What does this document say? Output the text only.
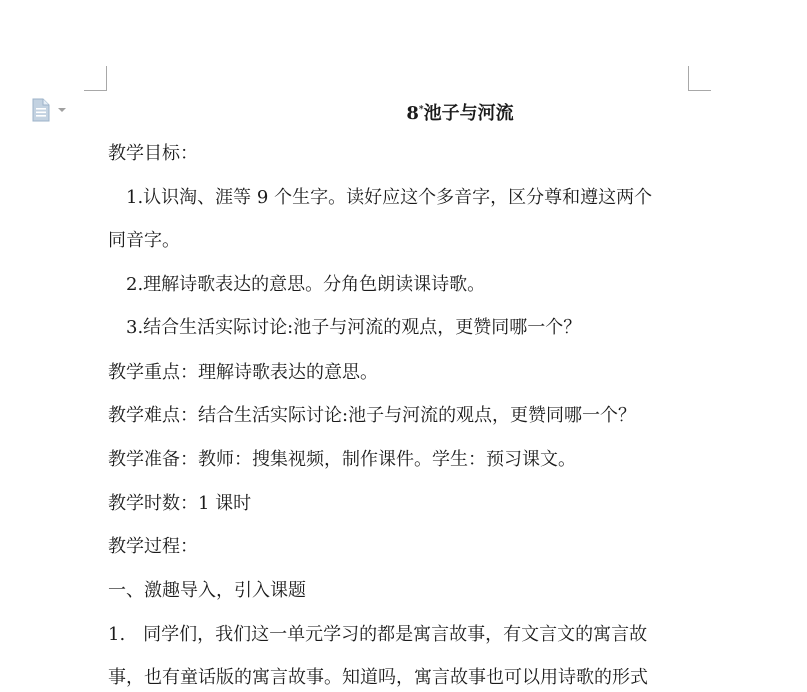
8*池子与河流

教学目标：

1.认识淘、涯等 9 个生字。读好应这个多音字，区分尊和遵这两个

同音字。

2.理解诗歌表达的意思。分角色朗读课诗歌。

3.结合生活实际讨论:池子与河流的观点，更赞同哪一个？

教学重点：理解诗歌表达的意思。

教学难点：结合生活实际讨论:池子与河流的观点，更赞同哪一个？

教学准备：教师：搜集视频，制作课件。学生：预习课文。

教学时数：1 课时

教学过程：

一、激趣导入，引入课题

1.　同学们，我们这一单元学习的都是寓言故事，有文言文的寓言故

事，也有童话版的寓言故事。知道吗，寓言故事也可以用诗歌的形式
